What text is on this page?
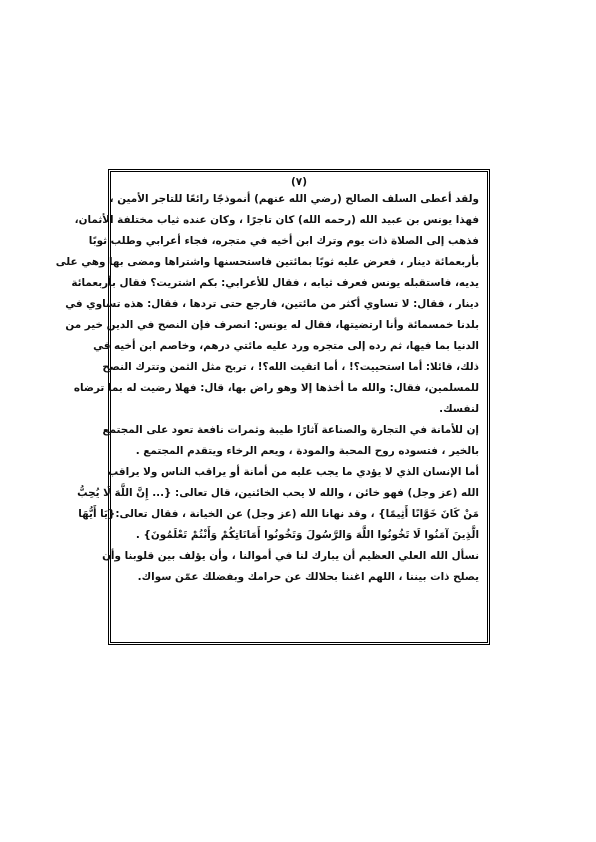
(٧)
ولقد أعطى السلف الصالح (رضي الله عنهم) أنموذجًا رائعًا للتاجر الأمين ،
فهذا يونس بن عبيد الله (رحمه الله) كان تاجرًا ، وكان عنده ثياب مختلفة الأثمان،
فذهب إلى الصلاة ذات يوم وترك ابن أخيه في متجره، فجاء أعرابي وطلب ثوبًا
بأربعمائة دينار ، فعرض عليه ثوبًا بمائتين فاستحسنها واشتراها ومضى بها وهي على
يديه، فاستقبله يونس فعرف ثيابه ، فقال للأعرابي: بكم اشتريت؟ فقال بأربعمائة
دينار ، فقال: لا تساوي أكثر من مائتين، فارجع حتى تردها ، فقال: هذه تساوي في
بلدنا خمسمائة وأنا ارتضيتها، فقال له يونس: انصرف فإن النصح في الدين خير من
الدنيا بما فيها، ثم رده إلى متجره ورد عليه مائتي درهم، وخاصم ابن أخيه في
ذلك، قائلا: أما استحييت؟! ، أما اتقيت الله؟! ، تربح مثل الثمن وتترك النصح
للمسلمين، فقال: والله ما أخذها إلا وهو راض بها، قال: فهلا رضيت له بما ترضاه
لنفسك.
إن للأمانة في التجارة والصناعة آثارًا طيبة وثمرات نافعة تعود على المجتمع
بالخير ، فتسوده روح المحبة والمودة ، ويعم الرخاء ويتقدم المجتمع .
أما الإنسان الذي لا يؤدي ما يجب عليه من أمانة أو يراقب الناس ولا يراقب
الله (عز وجل) فهو خائن ، والله لا يحب الخائنين، قال تعالى: {... إِنَّ اللَّهَ لَا يُحِبُّ
مَنْ كَانَ خَوَّانًا أَثِيمًا} ، وقد نهانا الله (عز وجل) عن الخيانة ، فقال تعالى:{يَا أَيُّهَا
الَّذِينَ آمَنُوا لَا تَخُونُوا اللَّهَ وَالرَّسُولَ وَتَخُونُوا أَمَانَاتِكُمْ وَأَنْتُمْ تَعْلَمُونَ} .
نسأل الله العلي العظيم أن يبارك لنا في أموالنا ، وأن يؤلف بين قلوبنا وأن
يصلح ذات بيننا ، اللهم اغننا بحلالك عن حرامك وبفضلك عمّن سواك.
